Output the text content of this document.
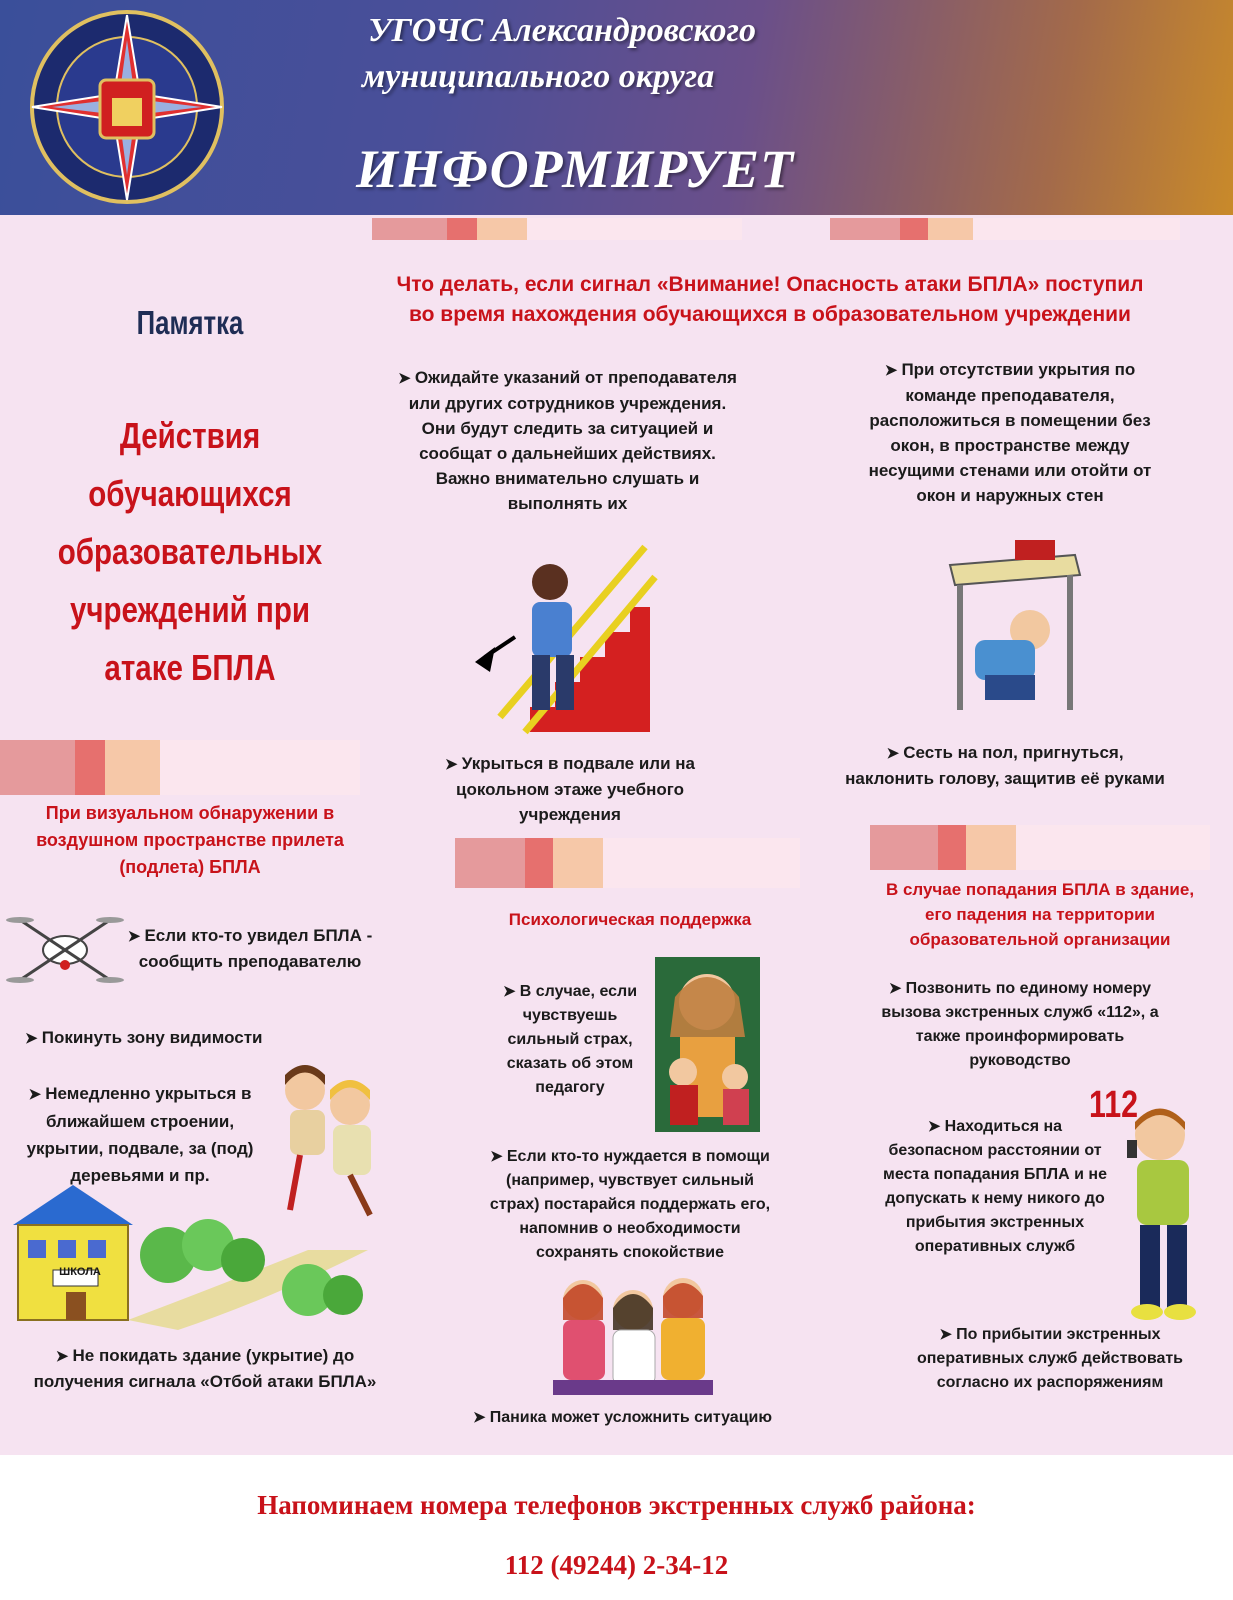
УГОЧС Александровского
муниципального округа
ИНФОРМИРУЕТ
Памятка
Действия обучающихся образовательных учреждений при атаке БПЛА
Что делать, если сигнал «Внимание! Опасность атаки БПЛА» поступил во время нахождения обучающихся в образовательном учреждении
➤ Ожидайте указаний от преподавателя или других сотрудников учреждения. Они будут следить за ситуацией и сообщат о дальнейших действиях. Важно внимательно слушать и выполнять их
➤ При отсутствии укрытия по команде преподавателя, расположиться в помещении без окон, в пространстве между несущими стенами или отойти от окон и наружных стен
➤ Укрыться в подвале или на цокольном этаже учебного учреждения
➤ Сесть на пол, пригнуться, наклонить голову, защитив её руками
При визуальном обнаружении в воздушном пространстве прилета (подлета) БПЛА
➤ Если кто-то увидел БПЛА - сообщить преподавателю
➤ Покинуть зону видимости
➤ Немедленно укрыться в ближайшем строении, укрытии, подвале, за (под) деревьями и пр.
ШКОЛА
➤ Не покидать здание (укрытие) до получения сигнала «Отбой атаки БПЛА»
Психологическая поддержка
➤ В случае, если чувствуешь сильный страх, сказать об этом педагогу
➤ Если кто-то нуждается в помощи (например, чувствует сильный страх) постарайся поддержать его, напомнив о необходимости сохранять спокойствие
➤ Паника может усложнить ситуацию
В случае попадания БПЛА в здание, его падения на территории образовательной организации
➤ Позвонить по единому номеру вызова экстренных служб «112», а также проинформировать руководство
112
➤ Находиться на безопасном расстоянии от места попадания БПЛА и не допускать к нему никого до прибытия экстренных оперативных служб
➤ По прибытии экстренных оперативных служб действовать согласно их распоряжениям
Напоминаем номера телефонов экстренных служб района:
112 (49244) 2-34-12
